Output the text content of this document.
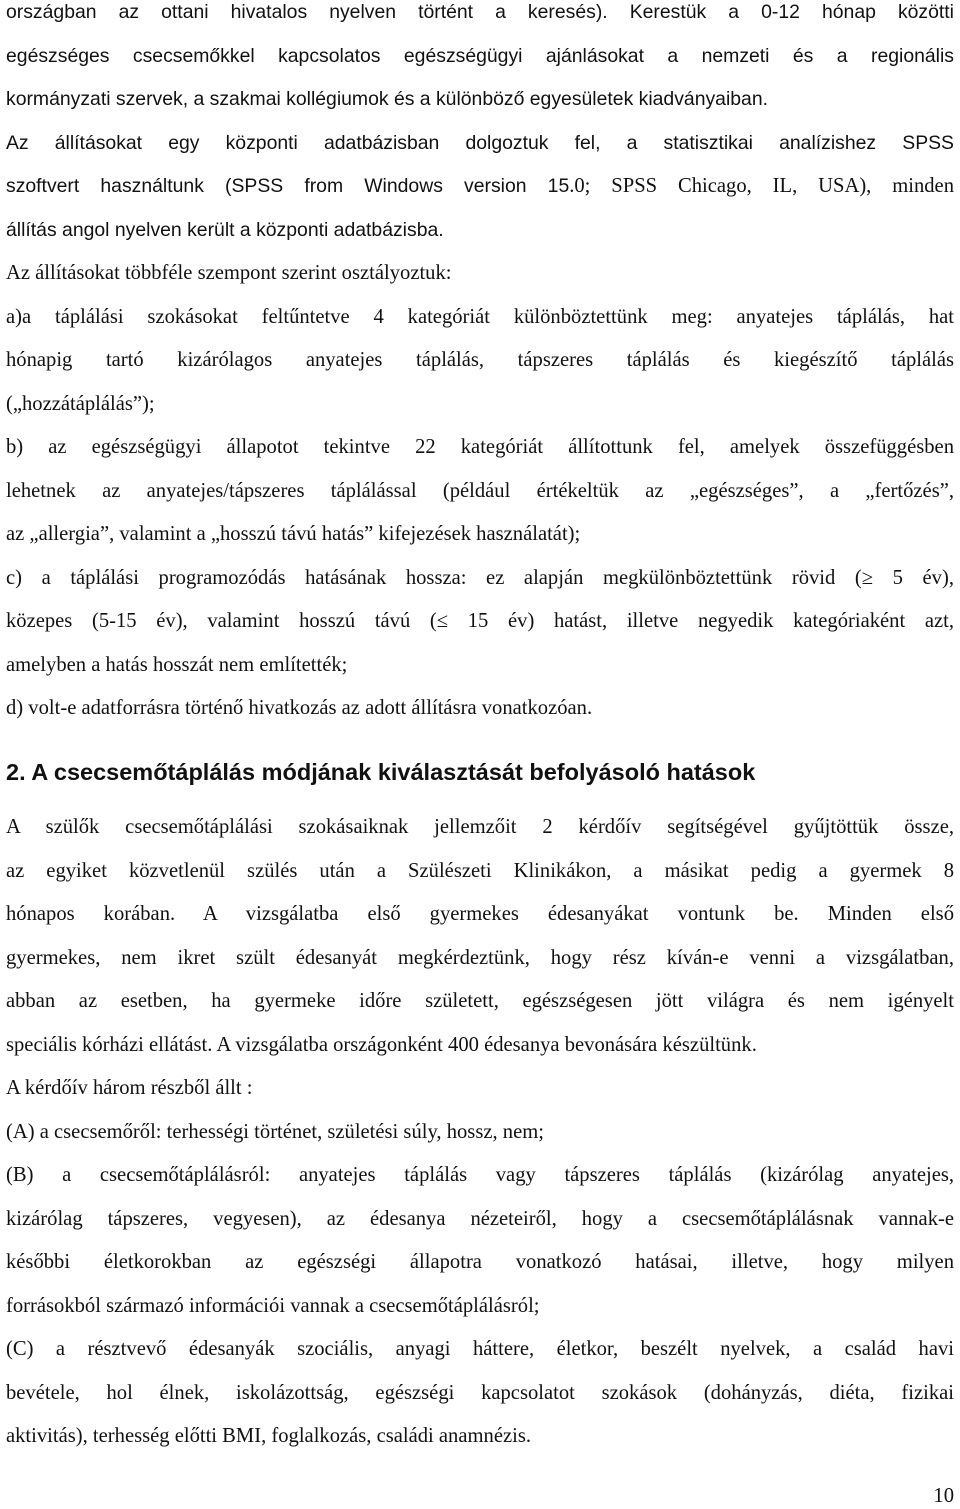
országban az ottani hivatalos nyelven történt a keresés). Kerestük a 0-12 hónap közötti

egészséges csecsemőkkel kapcsolatos egészségügyi ajánlásokat a nemzeti és a regionális

kormányzati szervek, a szakmai kollégiumok és a különböző egyesületek kiadványaiban.

Az állításokat egy központi adatbázisban dolgoztuk fel, a statisztikai analízishez SPSS

szoftvert használtunk (SPSS from Windows version 15.0; SPSS Chicago, IL, USA), minden

állítás angol nyelven került a központi adatbázisba.

Az állításokat többféle szempont szerint osztályoztuk:

a)a táplálási szokásokat feltűntetve 4 kategóriát különböztettünk meg: anyatejes táplálás, hat

hónapig tartó kizárólagos anyatejes táplálás, tápszeres táplálás és kiegészítő táplálás

(„hozzátáplálás”);

b) az egészségügyi állapotot tekintve 22 kategóriát állítottunk fel, amelyek összefüggésben

lehetnek az anyatejes/tápszeres táplálással (például értékeltük az „egészséges”, a „fertőzés”,

az „allergia”, valamint a „hosszú távú hatás” kifejezések használatát);

c) a táplálási programozódás hatásának hossza: ez alapján megkülönböztettünk rövid (≥ 5 év),

közepes (5-15 év), valamint hosszú távú (≤ 15 év) hatást, illetve negyedik kategóriaként azt,

amelyben a hatás hosszát nem említették;

d) volt-e adatforrásra történő hivatkozás az adott állításra vonatkozóan.

2. A csecsemőtáplálás módjának kiválasztását befolyásoló hatások

A szülők csecsemőtáplálási szokásaiknak jellemzőit 2 kérdőív segítségével gyűjtöttük össze,

az egyiket közvetlenül szülés után a Szülészeti Klinikákon, a másikat pedig a gyermek 8

hónapos korában. A vizsgálatba első gyermekes édesanyákat vontunk be. Minden első

gyermekes, nem ikret szült édesanyát megkérdeztünk, hogy rész kíván-e venni a vizsgálatban,

abban az esetben, ha gyermeke időre született, egészségesen jött világra és nem igényelt

speciális kórházi ellátást. A vizsgálatba országonként 400 édesanya bevonására készültünk.

A kérdőív három részből állt :

(A) a csecsemőről: terhességi történet, születési súly, hossz, nem;

(B) a csecsemőtáplálásról: anyatejes táplálás vagy tápszeres táplálás (kizárólag anyatejes,

kizárólag tápszeres, vegyesen), az édesanya nézeteiről, hogy a csecsemőtáplálásnak vannak-e

későbbi életkorokban az egészségi állapotra vonatkozó hatásai, illetve, hogy milyen

forrásokból származó információi vannak a csecsemőtáplálásról;

(C) a résztvevő édesanyák szociális, anyagi háttere, életkor, beszélt nyelvek, a család havi

bevétele, hol élnek, iskolázottság, egészségi kapcsolatot szokások (dohányzás, diéta, fizikai

aktivitás), terhesség előtti BMI, foglalkozás, családi anamnézis.

10
